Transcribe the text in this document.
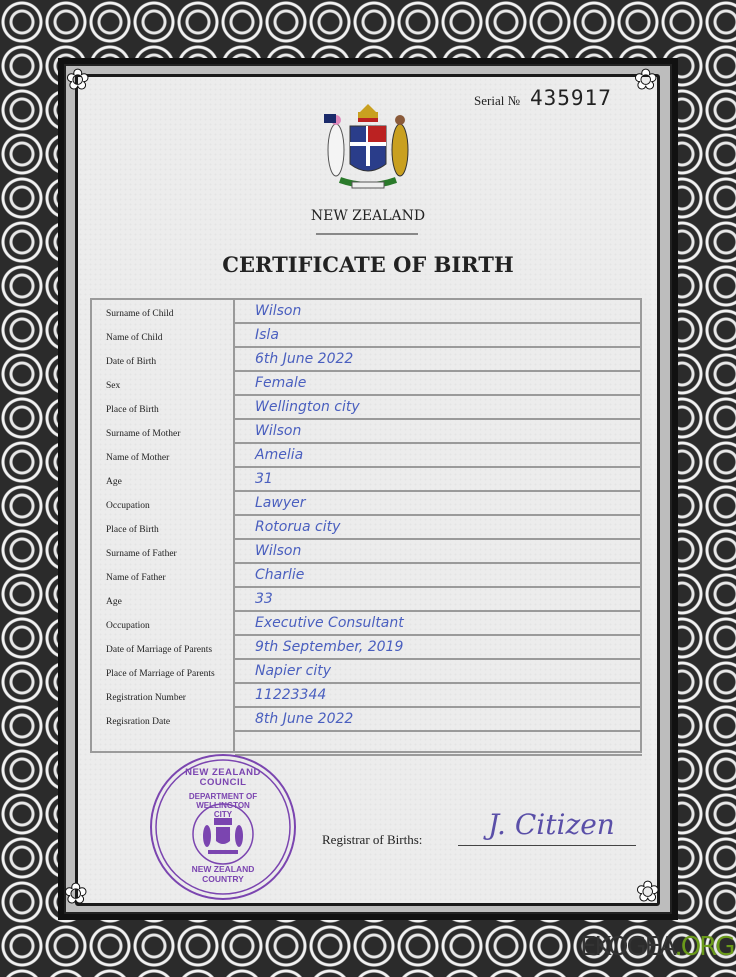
✿	✿
✿	✿
Serial № 435917
NEW ZEALAND
CERTIFICATE OF BIRTH
Surname of Child	Wilson
Name of Child	Isla
Date of Birth	6th June 2022
Sex	Female
Place of Birth	Wellington city
Surname of Mother	Wilson
Name of Mother	Amelia
Age	31
Occupation	Lawyer
Place of Birth	Rotorua city
Surname of Father	Wilson
Name of Father	Charlie
Age	33
Occupation	Executive Consultant
Date of Marriage of Parents	9th September, 2019
Place of Marriage of Parents	Napier city
Registration Number	11223344
Regisration Date	8th June 2022
NEW ZEALAND COUNCIL
DEPARTMENT OF WELLINGTON CITY
NEW ZEALAND COUNTRY
Registrar of Births: J. Citizen
EKOGEA.ORG
